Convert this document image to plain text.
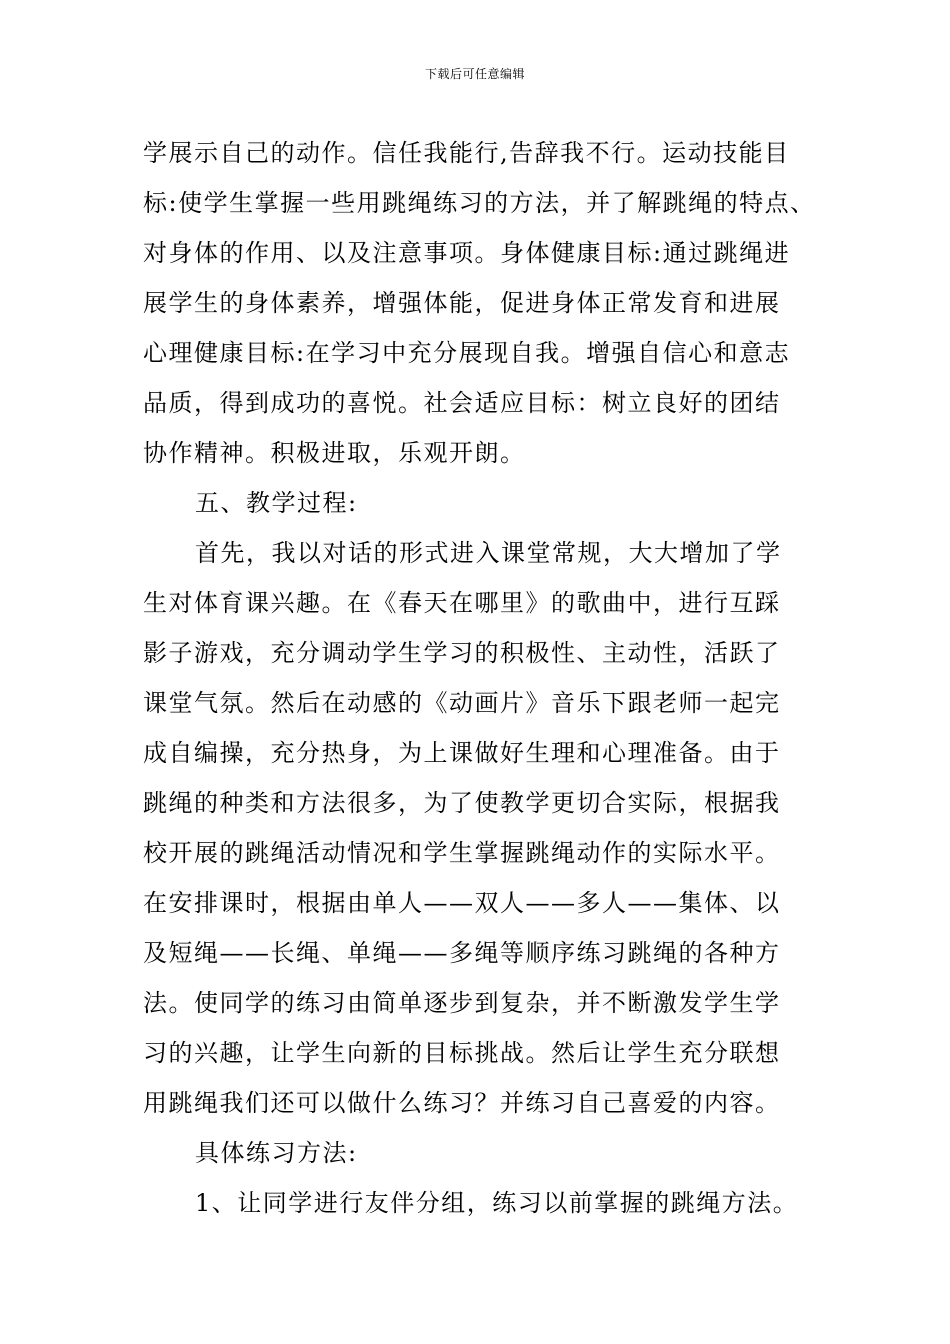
下载后可任意编辑
学展示自己的动作。信任我能行,告辞我不行。运动技能目
标:使学生掌握一些用跳绳练习的方法，并了解跳绳的特点、
对身体的作用、以及注意事项。身体健康目标:通过跳绳进
展学生的身体素养，增强体能，促进身体正常发育和进展
心理健康目标:在学习中充分展现自我。增强自信心和意志
品质，得到成功的喜悦。社会适应目标：树立良好的团结
协作精神。积极进取，乐观开朗。
五、教学过程:
首先，我以对话的形式进入课堂常规，大大增加了学
生对体育课兴趣。在《春天在哪里》的歌曲中，进行互踩
影子游戏，充分调动学生学习的积极性、主动性，活跃了
课堂气氛。然后在动感的《动画片》音乐下跟老师一起完
成自编操，充分热身，为上课做好生理和心理准备。由于
跳绳的种类和方法很多，为了使教学更切合实际，根据我
校开展的跳绳活动情况和学生掌握跳绳动作的实际水平。
在安排课时，根据由单人——双人——多人——集体、以
及短绳——长绳、单绳——多绳等顺序练习跳绳的各种方
法。使同学的练习由简单逐步到复杂，并不断激发学生学
习的兴趣，让学生向新的目标挑战。然后让学生充分联想
用跳绳我们还可以做什么练习？并练习自己喜爱的内容。
具体练习方法:
1、让同学进行友伴分组，练习以前掌握的跳绳方法。
